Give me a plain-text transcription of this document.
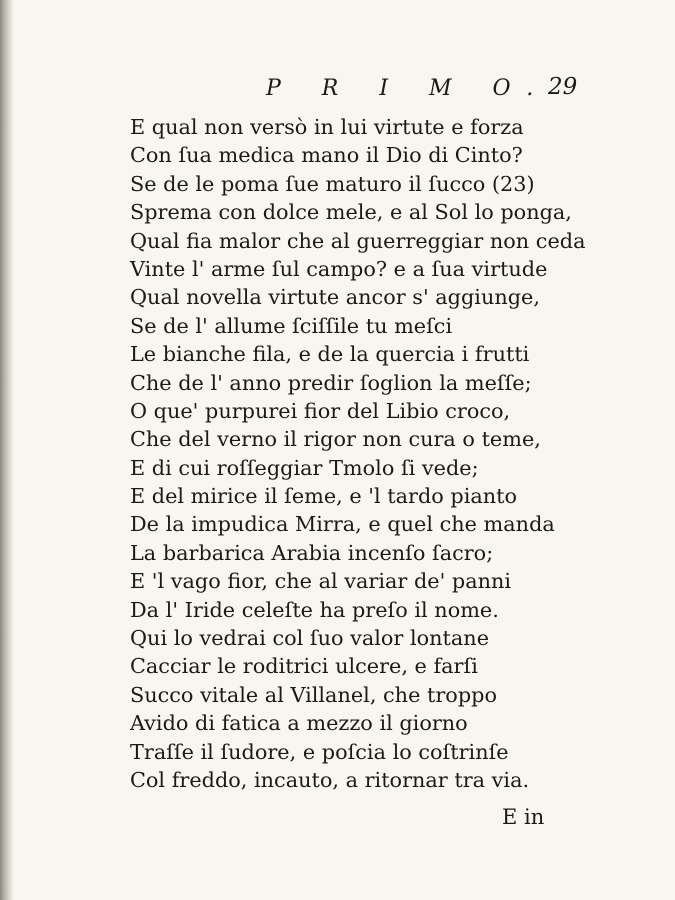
P R I M O.
29
E qual non versò in lui virtute e forza
Con ſua medica mano il Dio di Cinto?
Se de le poma ſue maturo il ſucco (23)
Sprema con dolce mele, e al Sol lo ponga,
Qual fia malor che al guerreggiar non ceda
Vinte l' arme ſul campo? e a ſua virtude
Qual novella virtute ancor s' aggiunge,
Se de l' allume ſciſſile tu meſci
Le bianche fila, e de la quercia i frutti
Che de l' anno predir ſoglion la meſſe;
O que' purpurei fior del Libio croco,
Che del verno il rigor non cura o teme,
E di cui roſſeggiar Tmolo ſi vede;
E del mirice il ſeme, e 'l tardo pianto
De la impudica Mirra, e quel che manda
La barbarica Arabia incenſo ſacro;
E 'l vago fior, che al variar de' panni
Da l' Iride celeſte ha preſo il nome.
Qui lo vedrai col ſuo valor lontane
Cacciar le roditrici ulcere, e farſi
Succo vitale al Villanel, che troppo
Avido di fatica a mezzo il giorno
Traſſe il ſudore, e poſcia lo coſtrinſe
Col freddo, incauto, a ritornar tra via.
E in
